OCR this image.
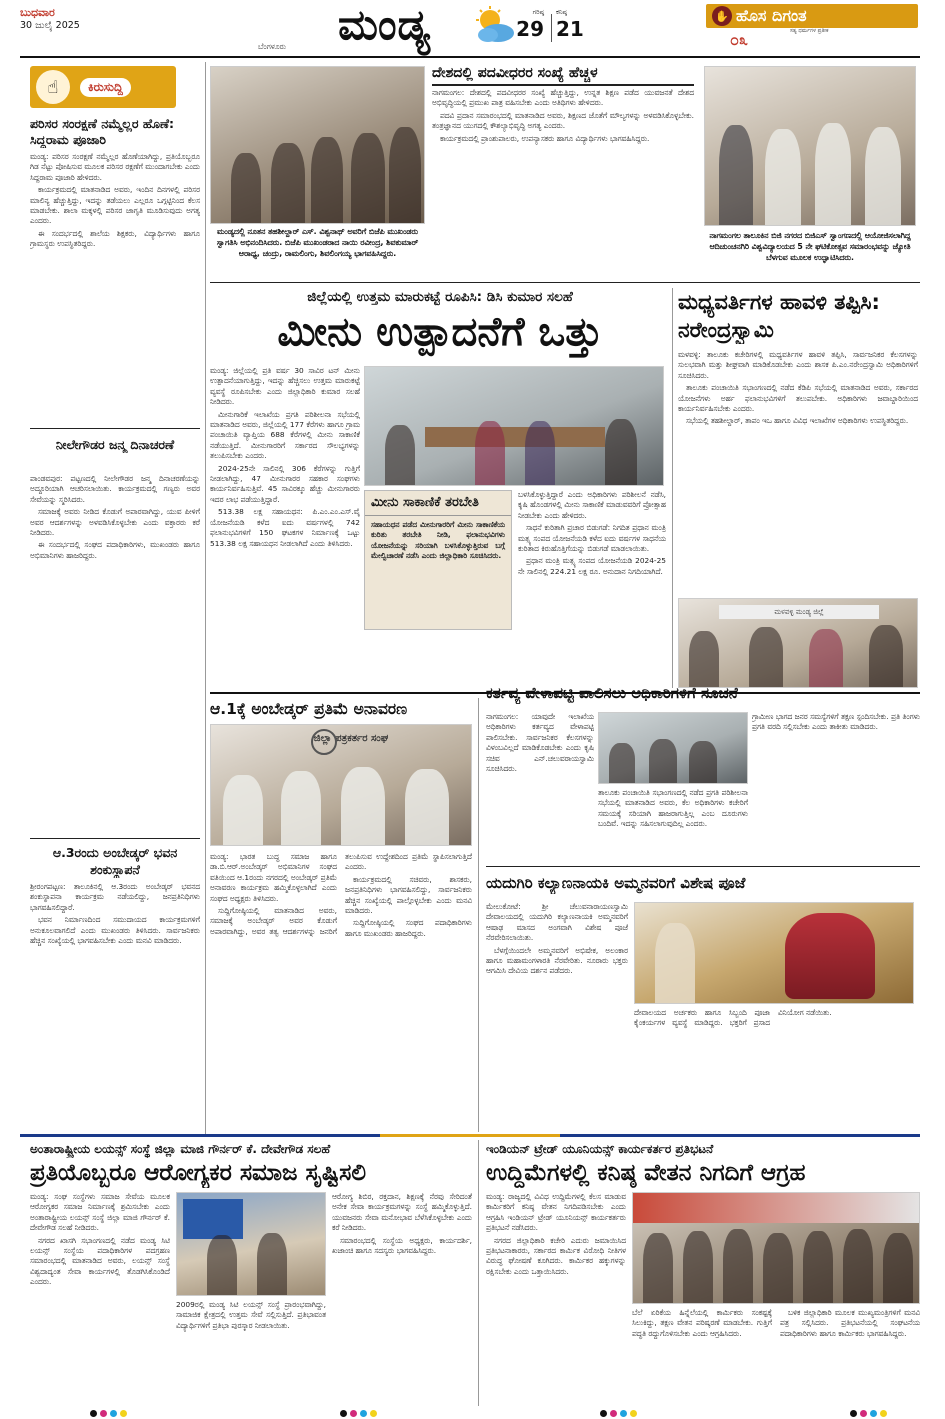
ಬುಧವಾರ
30 ಜುಲೈ 2025
ಬೆಂಗಳೂರು ಮಂಡ್ಯ	ಗರಿಷ್ಠ
29
ಕನಿಷ್ಠ
21
✋ ಹೊಸ ದಿಗಂತ
೦೩	ಸತ್ಯ ಧರ್ಮಗಳ ಪ್ರತೀಕ
☝	ಕಿರುಸುದ್ದಿ
ಪರಿಸರ ಸಂರಕ್ಷಣೆ ನಮ್ಮೆಲ್ಲರ ಹೊಣೆ: ಸಿದ್ದರಾಮ ಪೂಜಾರಿ

ಮಂಡ್ಯ: ಪರಿಸರ ಸಂರಕ್ಷಣೆ ನಮ್ಮೆಲ್ಲರ ಹೊಣೆಯಾಗಿದ್ದು, ಪ್ರತಿಯೊಬ್ಬರೂ ಗಿಡ ನೆಟ್ಟು ಪೋಷಿಸುವ ಮೂಲಕ ಪರಿಸರ ರಕ್ಷಣೆಗೆ ಮುಂದಾಗಬೇಕು ಎಂದು ಸಿದ್ದರಾಮ ಪೂಜಾರಿ ಹೇಳಿದರು.

ಕಾರ್ಯಕ್ರಮದಲ್ಲಿ ಮಾತನಾಡಿದ ಅವರು, ಇಂದಿನ ದಿನಗಳಲ್ಲಿ ಪರಿಸರ ಮಾಲಿನ್ಯ ಹೆಚ್ಚುತ್ತಿದ್ದು, ಇದನ್ನು ತಡೆಯಲು ಎಲ್ಲರೂ ಒಗ್ಗಟ್ಟಿನಿಂದ ಕೆಲಸ ಮಾಡಬೇಕು. ಶಾಲಾ ಮಕ್ಕಳಲ್ಲಿ ಪರಿಸರ ಜಾಗೃತಿ ಮೂಡಿಸುವುದು ಅಗತ್ಯ ಎಂದರು.

ಈ ಸಂದರ್ಭದಲ್ಲಿ ಶಾಲೆಯ ಶಿಕ್ಷಕರು, ವಿದ್ಯಾರ್ಥಿಗಳು ಹಾಗೂ ಗ್ರಾಮಸ್ಥರು ಉಪಸ್ಥಿತರಿದ್ದರು.

ನೀಲೇಗೌಡರ ಜನ್ಮ ದಿನಾಚರಣೆ

ಪಾಂಡವಪುರ: ಪಟ್ಟಣದಲ್ಲಿ ನೀಲೇಗೌಡರ ಜನ್ಮ ದಿನಾಚರಣೆಯನ್ನು ಅದ್ದೂರಿಯಾಗಿ ಆಚರಿಸಲಾಯಿತು. ಕಾರ್ಯಕ್ರಮದಲ್ಲಿ ಗಣ್ಯರು ಅವರ ಸೇವೆಯನ್ನು ಸ್ಮರಿಸಿದರು.

ಸಮಾಜಕ್ಕೆ ಅವರು ನೀಡಿದ ಕೊಡುಗೆ ಅಪಾರವಾಗಿದ್ದು, ಯುವ ಪೀಳಿಗೆ ಅವರ ಆದರ್ಶಗಳನ್ನು ಅಳವಡಿಸಿಕೊಳ್ಳಬೇಕು ಎಂದು ವಕ್ತಾರರು ಕರೆ ನೀಡಿದರು.

ಈ ಸಂದರ್ಭದಲ್ಲಿ ಸಂಘದ ಪದಾಧಿಕಾರಿಗಳು, ಮುಖಂಡರು ಹಾಗೂ ಅಭಿಮಾನಿಗಳು ಹಾಜರಿದ್ದರು.

ಆ.3ರಂದು ಅಂಬೇಡ್ಕರ್ ಭವನ ಶಂಕುಸ್ಥಾಪನೆ

ಶ್ರೀರಂಗಪಟ್ಟಣ: ತಾಲೂಕಿನಲ್ಲಿ ಆ.3ರಂದು ಅಂಬೇಡ್ಕರ್ ಭವನದ ಶಂಕುಸ್ಥಾಪನಾ ಕಾರ್ಯಕ್ರಮ ನಡೆಯಲಿದ್ದು, ಜನಪ್ರತಿನಿಧಿಗಳು ಭಾಗವಹಿಸಲಿದ್ದಾರೆ.

ಭವನ ನಿರ್ಮಾಣದಿಂದ ಸಮುದಾಯದ ಕಾರ್ಯಕ್ರಮಗಳಿಗೆ ಅನುಕೂಲವಾಗಲಿದೆ ಎಂದು ಮುಖಂಡರು ತಿಳಿಸಿದರು. ಸಾರ್ವಜನಿಕರು ಹೆಚ್ಚಿನ ಸಂಖ್ಯೆಯಲ್ಲಿ ಭಾಗವಹಿಸಬೇಕು ಎಂದು ಮನವಿ ಮಾಡಿದರು.

ಮಂಡ್ಯದಲ್ಲಿ ನೂತನ ತಹಶೀಲ್ದಾರ್ ಎಸ್. ವಿಶ್ವನಾಥ್ ಅವರಿಗೆ ಬಿಜೆಪಿ ಮುಖಂಡರು ಸ್ವಾಗತಿಸಿ ಅಭಿನಂದಿಸಿದರು. ಬಿಜೆಪಿ ಮುಖಂಡರಾದ ನಾಯಿ ರವೀಂದ್ರ, ಶಿವಕುಮಾರ್ ಆರಾಧ್ಯ, ಚಂದ್ರು, ರಾಮಲಿಂಗು, ಶಿವಲಿಂಗಯ್ಯ ಭಾಗವಹಿಸಿದ್ದರು.
ದೇಶದಲ್ಲಿ ಪದವೀಧರರ ಸಂಖ್ಯೆ ಹೆಚ್ಚಳ

ನಾಗಮಂಗಲ: ದೇಶದಲ್ಲಿ ಪದವೀಧರರ ಸಂಖ್ಯೆ ಹೆಚ್ಚುತ್ತಿದ್ದು, ಉನ್ನತ ಶಿಕ್ಷಣ ಪಡೆದ ಯುವಜನತೆ ದೇಶದ ಅಭಿವೃದ್ಧಿಯಲ್ಲಿ ಪ್ರಮುಖ ಪಾತ್ರ ವಹಿಸಬೇಕು ಎಂದು ಅತಿಥಿಗಳು ಹೇಳಿದರು.

ಪದವಿ ಪ್ರದಾನ ಸಮಾರಂಭದಲ್ಲಿ ಮಾತನಾಡಿದ ಅವರು, ಶಿಕ್ಷಣದ ಜೊತೆಗೆ ಮೌಲ್ಯಗಳನ್ನು ಅಳವಡಿಸಿಕೊಳ್ಳಬೇಕು. ತಂತ್ರಜ್ಞಾನದ ಯುಗದಲ್ಲಿ ಕೌಶಲ್ಯಾಭಿವೃದ್ಧಿ ಅಗತ್ಯ ಎಂದರು.

ಕಾರ್ಯಕ್ರಮದಲ್ಲಿ ಪ್ರಾಂಶುಪಾಲರು, ಉಪನ್ಯಾಸಕರು ಹಾಗೂ ವಿದ್ಯಾರ್ಥಿಗಳು ಭಾಗವಹಿಸಿದ್ದರು.

ನಾಗಮಂಗಲ ತಾಲೂಕಿನ ಬಿಜಿ ನಗರದ ಬಿಜಿಎಸ್ ಸ್ವಾಂಗಣದಲ್ಲಿ ಆಯೋಜಿಸಲಾಗಿದ್ದ ಆದಿಚುಂಚನಗಿರಿ ವಿಶ್ವವಿದ್ಯಾಲಯದ 5 ನೇ ಘಟಿಕೋತ್ಸವ ಸಮಾರಂಭವನ್ನು ಜ್ಯೋತಿ ಬೆಳಗುವ ಮೂಲಕ ಉದ್ಘಾಟಿಸಿದರು.
ಜಿಲ್ಲೆಯಲ್ಲಿ ಉತ್ತಮ ಮಾರುಕಟ್ಟೆ ರೂಪಿಸಿ: ಡಿಸಿ ಕುಮಾರ ಸಲಹೆ
ಮೀನು ಉತ್ಪಾದನೆಗೆ ಒತ್ತು

ಮಂಡ್ಯ: ಜಿಲ್ಲೆಯಲ್ಲಿ ಪ್ರತಿ ವರ್ಷ 30 ಸಾವಿರ ಟನ್ ಮೀನು ಉತ್ಪಾದನೆಯಾಗುತ್ತಿದ್ದು, ಇದನ್ನು ಹೆಚ್ಚಿಸಲು ಉತ್ತಮ ಮಾರುಕಟ್ಟೆ ವ್ಯವಸ್ಥೆ ರೂಪಿಸಬೇಕು ಎಂದು ಜಿಲ್ಲಾಧಿಕಾರಿ ಕುಮಾರ ಸಲಹೆ ನೀಡಿದರು.

ಮೀನುಗಾರಿಕೆ ಇಲಾಖೆಯ ಪ್ರಗತಿ ಪರಿಶೀಲನಾ ಸಭೆಯಲ್ಲಿ ಮಾತನಾಡಿದ ಅವರು, ಜಿಲ್ಲೆಯಲ್ಲಿ 177 ಕೆರೆಗಳು ಹಾಗೂ ಗ್ರಾಮ ಪಂಚಾಯಿತಿ ವ್ಯಾಪ್ತಿಯ 688 ಕೆರೆಗಳಲ್ಲಿ ಮೀನು ಸಾಕಾಣಿಕೆ ನಡೆಯುತ್ತಿದೆ. ಮೀನುಗಾರರಿಗೆ ಸರ್ಕಾರದ ಸೌಲಭ್ಯಗಳನ್ನು ತಲುಪಿಸಬೇಕು ಎಂದರು.

2024-25ನೇ ಸಾಲಿನಲ್ಲಿ 306 ಕೆರೆಗಳನ್ನು ಗುತ್ತಿಗೆ ನೀಡಲಾಗಿದ್ದು, 47 ಮೀನುಗಾರರ ಸಹಕಾರ ಸಂಘಗಳು ಕಾರ್ಯನಿರ್ವಹಿಸುತ್ತಿವೆ. 45 ಸಾವಿರಕ್ಕೂ ಹೆಚ್ಚು ಮೀನುಗಾರರು ಇದರ ಲಾಭ ಪಡೆಯುತ್ತಿದ್ದಾರೆ.

513.38 ಲಕ್ಷ ಸಹಾಯಧನ: ಪಿ.ಎಂ.ಎಂ.ಎಸ್.ವೈ ಯೋಜನೆಯಡಿ ಕಳೆದ ಐದು ವರ್ಷಗಳಲ್ಲಿ 742 ಫಲಾನುಭವಿಗಳಿಗೆ 150 ಘಟಕಗಳ ನಿರ್ಮಾಣಕ್ಕೆ ಒಟ್ಟು 513.38 ಲಕ್ಷ ಸಹಾಯಧನ ನೀಡಲಾಗಿದೆ ಎಂದು ತಿಳಿಸಿದರು.

ಮೀನು ಸಾಕಾಣಿಕೆ ತರಬೇತಿ
ಸಹಾಯಧನ ಪಡೆದ ಮೀನುಗಾರರಿಗೆ ಮೀನು ಸಾಕಾಣಿಕೆಯ ಕುರಿತು ತರಬೇತಿ ನೀಡಿ, ಫಲಾನುಭವಿಗಳು ಯೋಜನೆಯನ್ನು ಸರಿಯಾಗಿ ಬಳಸಿಕೊಳ್ಳುತ್ತಿರುವ ಬಗ್ಗೆ ಮೇಲ್ವಿಚಾರಣೆ ನಡೆಸಿ ಎಂದು ಜಿಲ್ಲಾಧಿಕಾರಿ ಸೂಚಿಸಿದರು.

ಬಳಸಿಕೊಳ್ಳುತ್ತಿದ್ದಾರೆ ಎಂದು ಅಧಿಕಾರಿಗಳು ಪರಿಶೀಲನೆ ನಡೆಸಿ, ಕೃಷಿ ಹೊಂಡಗಳಲ್ಲಿ ಮೀನು ಸಾಕಾಣಿಕೆ ಮಾಡುವವರಿಗೆ ಪ್ರೋತ್ಸಾಹ ನೀಡಬೇಕು ಎಂದು ಹೇಳಿದರು.

ಸಾಧನೆ ಕುರಿತಾಗಿ ಪ್ರಚಾರ ಬಿಡುಗಡೆ: ನಿಗದಿತ ಪ್ರಧಾನ ಮಂತ್ರಿ ಮತ್ಸ್ಯ ಸಂಪದ ಯೋಜನೆಯಡಿ ಕಳೆದ ಐದು ವರ್ಷಗಳ ಸಾಧನೆಯ ಕುರಿತಾದ ಕಿರುಹೊತ್ತಿಗೆಯನ್ನು ಬಿಡುಗಡೆ ಮಾಡಲಾಯಿತು.

ಪ್ರಧಾನ ಮಂತ್ರಿ ಮತ್ಸ್ಯ ಸಂಪದ ಯೋಜನೆಯಡಿ 2024-25 ನೇ ಸಾಲಿನಲ್ಲಿ 224.21 ಲಕ್ಷ ರೂ. ಅನುದಾನ ನಿಗದಿಯಾಗಿದೆ.

ಮಧ್ಯವರ್ತಿಗಳ ಹಾವಳಿ ತಪ್ಪಿಸಿ: ನರೇಂದ್ರಸ್ವಾಮಿ

ಮಳವಳ್ಳಿ: ತಾಲೂಕು ಕಚೇರಿಗಳಲ್ಲಿ ಮಧ್ಯವರ್ತಿಗಳ ಹಾವಳಿ ತಪ್ಪಿಸಿ, ಸಾರ್ವಜನಿಕರ ಕೆಲಸಗಳನ್ನು ಸುಲಭವಾಗಿ ಮತ್ತು ಶೀಘ್ರವಾಗಿ ಮಾಡಿಕೊಡಬೇಕು ಎಂದು ಶಾಸಕ ಪಿ.ಎಂ.ನರೇಂದ್ರಸ್ವಾಮಿ ಅಧಿಕಾರಿಗಳಿಗೆ ಸೂಚಿಸಿದರು.

ತಾಲೂಕು ಪಂಚಾಯಿತಿ ಸಭಾಂಗಣದಲ್ಲಿ ನಡೆದ ಕೆಡಿಪಿ ಸಭೆಯಲ್ಲಿ ಮಾತನಾಡಿದ ಅವರು, ಸರ್ಕಾರದ ಯೋಜನೆಗಳು ಅರ್ಹ ಫಲಾನುಭವಿಗಳಿಗೆ ತಲುಪಬೇಕು. ಅಧಿಕಾರಿಗಳು ಜವಾಬ್ದಾರಿಯಿಂದ ಕಾರ್ಯನಿರ್ವಹಿಸಬೇಕು ಎಂದರು.

ಸಭೆಯಲ್ಲಿ ತಹಶೀಲ್ದಾರ್, ತಾಪಂ ಇಒ ಹಾಗೂ ವಿವಿಧ ಇಲಾಖೆಗಳ ಅಧಿಕಾರಿಗಳು ಉಪಸ್ಥಿತರಿದ್ದರು.

ಮಳವಳ್ಳಿ ಮಂಡ್ಯ ಜಿಲ್ಲೆ
ಆ.1ಕ್ಕೆ ಅಂಬೇಡ್ಕರ್ ಪ್ರತಿಮೆ ಅನಾವರಣ
ಜಿಲ್ಲಾ ಪತ್ರಕರ್ತರ ಸಂಘ

ಮಂಡ್ಯ: ಭಾರತ ಬುದ್ಧ ಸಮಾಜ ಹಾಗೂ ಡಾ.ಬಿ.ಆರ್.ಅಂಬೇಡ್ಕರ್ ಅಭಿಮಾನಿಗಳ ಸಂಘದ ವತಿಯಿಂದ ಆ.1ರಂದು ನಗರದಲ್ಲಿ ಅಂಬೇಡ್ಕರ್ ಪ್ರತಿಮೆ ಅನಾವರಣ ಕಾರ್ಯಕ್ರಮ ಹಮ್ಮಿಕೊಳ್ಳಲಾಗಿದೆ ಎಂದು ಸಂಘದ ಅಧ್ಯಕ್ಷರು ತಿಳಿಸಿದರು.

ಸುದ್ದಿಗೋಷ್ಠಿಯಲ್ಲಿ ಮಾತನಾಡಿದ ಅವರು, ಸಮಾಜಕ್ಕೆ ಅಂಬೇಡ್ಕರ್ ಅವರ ಕೊಡುಗೆ ಅಪಾರವಾಗಿದ್ದು, ಅವರ ತತ್ವ ಆದರ್ಶಗಳನ್ನು ಜನರಿಗೆ ತಲುಪಿಸುವ ಉದ್ದೇಶದಿಂದ ಪ್ರತಿಮೆ ಸ್ಥಾಪಿಸಲಾಗುತ್ತಿದೆ ಎಂದರು.

ಕಾರ್ಯಕ್ರಮದಲ್ಲಿ ಸಚಿವರು, ಶಾಸಕರು, ಜನಪ್ರತಿನಿಧಿಗಳು ಭಾಗವಹಿಸಲಿದ್ದು, ಸಾರ್ವಜನಿಕರು ಹೆಚ್ಚಿನ ಸಂಖ್ಯೆಯಲ್ಲಿ ಪಾಲ್ಗೊಳ್ಳಬೇಕು ಎಂದು ಮನವಿ ಮಾಡಿದರು.

ಸುದ್ದಿಗೋಷ್ಠಿಯಲ್ಲಿ ಸಂಘದ ಪದಾಧಿಕಾರಿಗಳು ಹಾಗೂ ಮುಖಂಡರು ಹಾಜರಿದ್ದರು.

ಕರ್ತವ್ಯ ವೇಳಾಪಟ್ಟಿ ಪಾಲಿಸಲು ಅಧಿಕಾರಿಗಳಿಗೆ ಸೂಚನೆ

ನಾಗಮಂಗಲ: ಯಾವುದೇ ಇಲಾಖೆಯ ಅಧಿಕಾರಿಗಳು ಕರ್ತವ್ಯದ ವೇಳಾಪಟ್ಟಿ ಪಾಲಿಸಬೇಕು. ಸಾರ್ವಜನಿಕರ ಕೆಲಸಗಳನ್ನು ವಿಳಂಬವಿಲ್ಲದೆ ಮಾಡಿಕೊಡಬೇಕು ಎಂದು ಕೃಷಿ ಸಚಿವ ಎನ್.ಚಲುವರಾಯಸ್ವಾಮಿ ಸೂಚಿಸಿದರು.

ತಾಲೂಕು ಪಂಚಾಯಿತಿ ಸಭಾಂಗಣದಲ್ಲಿ ನಡೆದ ಪ್ರಗತಿ ಪರಿಶೀಲನಾ ಸಭೆಯಲ್ಲಿ ಮಾತನಾಡಿದ ಅವರು, ಕೆಲ ಅಧಿಕಾರಿಗಳು ಕಚೇರಿಗೆ ಸಮಯಕ್ಕೆ ಸರಿಯಾಗಿ ಹಾಜರಾಗುತ್ತಿಲ್ಲ ಎಂಬ ದೂರುಗಳು ಬಂದಿವೆ. ಇದನ್ನು ಸಹಿಸಲಾಗುವುದಿಲ್ಲ ಎಂದರು.

ಗ್ರಾಮೀಣ ಭಾಗದ ಜನರ ಸಮಸ್ಯೆಗಳಿಗೆ ತಕ್ಷಣ ಸ್ಪಂದಿಸಬೇಕು. ಪ್ರತಿ ತಿಂಗಳು ಪ್ರಗತಿ ವರದಿ ಸಲ್ಲಿಸಬೇಕು ಎಂದು ತಾಕೀತು ಮಾಡಿದರು.

ಯದುಗಿರಿ ಕಲ್ಯಾಣನಾಯಕಿ ಅಮ್ಮನವರಿಗೆ ವಿಶೇಷ ಪೂಜೆ

ಮೇಲುಕೋಟೆ: ಶ್ರೀ ಚೆಲುವನಾರಾಯಣಸ್ವಾಮಿ ದೇವಾಲಯದಲ್ಲಿ ಯದುಗಿರಿ ಕಲ್ಯಾಣನಾಯಕಿ ಅಮ್ಮನವರಿಗೆ ಆಷಾಢ ಮಾಸದ ಅಂಗವಾಗಿ ವಿಶೇಷ ಪೂಜೆ ನೆರವೇರಿಸಲಾಯಿತು.

ಬೆಳಗ್ಗೆಯಿಂದಲೇ ಅಮ್ಮನವರಿಗೆ ಅಭಿಷೇಕ, ಅಲಂಕಾರ ಹಾಗೂ ಮಹಾಮಂಗಳಾರತಿ ನೆರವೇರಿತು. ನೂರಾರು ಭಕ್ತರು ಆಗಮಿಸಿ ದೇವಿಯ ದರ್ಶನ ಪಡೆದರು.

ದೇವಾಲಯದ ಅರ್ಚಕರು ಹಾಗೂ ಸಿಬ್ಬಂದಿ ಪೂಜಾ ಕೈಂಕರ್ಯಗಳ ವ್ಯವಸ್ಥೆ ಮಾಡಿದ್ದರು. ಭಕ್ತರಿಗೆ ಪ್ರಸಾದ ವಿನಿಯೋಗ ನಡೆಯಿತು.

ಅಂತಾರಾಷ್ಟ್ರೀಯ ಲಯನ್ಸ್ ಸಂಸ್ಥೆ ಜಿಲ್ಲಾ ಮಾಜಿ ಗೌರ್ನರ್ ಕೆ. ದೇವೇಗೌಡ ಸಲಹೆ
ಪ್ರತಿಯೊಬ್ಬರೂ ಆರೋಗ್ಯಕರ ಸಮಾಜ ಸೃಷ್ಟಿಸಲಿ

ಮಂಡ್ಯ: ಸಂಘ ಸಂಸ್ಥೆಗಳು ಸಮಾಜ ಸೇವೆಯ ಮೂಲಕ ಆರೋಗ್ಯಕರ ಸಮಾಜ ನಿರ್ಮಾಣಕ್ಕೆ ಶ್ರಮಿಸಬೇಕು ಎಂದು ಅಂತಾರಾಷ್ಟ್ರೀಯ ಲಯನ್ಸ್ ಸಂಸ್ಥೆ ಜಿಲ್ಲಾ ಮಾಜಿ ಗೌರ್ನರ್ ಕೆ. ದೇವೇಗೌಡ ಸಲಹೆ ನೀಡಿದರು.

ನಗರದ ಖಾಸಗಿ ಸಭಾಂಗಣದಲ್ಲಿ ನಡೆದ ಮಂಡ್ಯ ಸಿಟಿ ಲಯನ್ಸ್ ಸಂಸ್ಥೆಯ ಪದಾಧಿಕಾರಿಗಳ ಪದಗ್ರಹಣ ಸಮಾರಂಭದಲ್ಲಿ ಮಾತನಾಡಿದ ಅವರು, ಲಯನ್ಸ್ ಸಂಸ್ಥೆ ವಿಶ್ವದಾದ್ಯಂತ ಸೇವಾ ಕಾರ್ಯಗಳಲ್ಲಿ ತೊಡಗಿಸಿಕೊಂಡಿದೆ ಎಂದರು.

2009ರಲ್ಲಿ ಮಂಡ್ಯ ಸಿಟಿ ಲಯನ್ಸ್ ಸಂಸ್ಥೆ ಪ್ರಾರಂಭವಾಗಿದ್ದು, ಸಾಮಾಜಿಕ ಕ್ಷೇತ್ರದಲ್ಲಿ ಉತ್ತಮ ಸೇವೆ ಸಲ್ಲಿಸುತ್ತಿದೆ. ಪ್ರತಿಭಾವಂತ ವಿದ್ಯಾರ್ಥಿಗಳಿಗೆ ಪ್ರತಿಭಾ ಪುರಸ್ಕಾರ ನೀಡಲಾಯಿತು.

ಆರೋಗ್ಯ ಶಿಬಿರ, ರಕ್ತದಾನ, ಶಿಕ್ಷಣಕ್ಕೆ ನೆರವು ಸೇರಿದಂತೆ ಅನೇಕ ಸೇವಾ ಕಾರ್ಯಕ್ರಮಗಳನ್ನು ಸಂಸ್ಥೆ ಹಮ್ಮಿಕೊಳ್ಳುತ್ತಿದೆ. ಯುವಜನರು ಸೇವಾ ಮನೋಭಾವ ಬೆಳೆಸಿಕೊಳ್ಳಬೇಕು ಎಂದು ಕರೆ ನೀಡಿದರು.

ಸಮಾರಂಭದಲ್ಲಿ ಸಂಸ್ಥೆಯ ಅಧ್ಯಕ್ಷರು, ಕಾರ್ಯದರ್ಶಿ, ಖಜಾಂಚಿ ಹಾಗೂ ಸದಸ್ಯರು ಭಾಗವಹಿಸಿದ್ದರು.

ಇಂಡಿಯನ್ ಟ್ರೇಡ್ ಯೂನಿಯನ್ಸ್ ಕಾರ್ಯಕರ್ತರ ಪ್ರತಿಭಟನೆ
ಉದ್ದಿಮೆಗಳಲ್ಲಿ ಕನಿಷ್ಠ ವೇತನ ನಿಗದಿಗೆ ಆಗ್ರಹ

ಮಂಡ್ಯ: ರಾಜ್ಯದಲ್ಲಿ ವಿವಿಧ ಉದ್ದಿಮೆಗಳಲ್ಲಿ ಕೆಲಸ ಮಾಡುವ ಕಾರ್ಮಿಕರಿಗೆ ಕನಿಷ್ಠ ವೇತನ ನಿಗದಿಪಡಿಸಬೇಕು ಎಂದು ಆಗ್ರಹಿಸಿ ಇಂಡಿಯನ್ ಟ್ರೇಡ್ ಯೂನಿಯನ್ಸ್ ಕಾರ್ಯಕರ್ತರು ಪ್ರತಿಭಟನೆ ನಡೆಸಿದರು.

ನಗರದ ಜಿಲ್ಲಾಧಿಕಾರಿ ಕಚೇರಿ ಎದುರು ಜಮಾಯಿಸಿದ ಪ್ರತಿಭಟನಾಕಾರರು, ಸರ್ಕಾರದ ಕಾರ್ಮಿಕ ವಿರೋಧಿ ನೀತಿಗಳ ವಿರುದ್ಧ ಘೋಷಣೆ ಕೂಗಿದರು. ಕಾರ್ಮಿಕರ ಹಕ್ಕುಗಳನ್ನು ರಕ್ಷಿಸಬೇಕು ಎಂದು ಒತ್ತಾಯಿಸಿದರು.

ಬೆಲೆ ಏರಿಕೆಯ ಹಿನ್ನೆಲೆಯಲ್ಲಿ ಕಾರ್ಮಿಕರು ಸಂಕಷ್ಟಕ್ಕೆ ಸಿಲುಕಿದ್ದು, ತಕ್ಷಣ ವೇತನ ಪರಿಷ್ಕರಣೆ ಮಾಡಬೇಕು. ಗುತ್ತಿಗೆ ಪದ್ಧತಿ ರದ್ದುಗೊಳಿಸಬೇಕು ಎಂದು ಆಗ್ರಹಿಸಿದರು.

ಬಳಿಕ ಜಿಲ್ಲಾಧಿಕಾರಿ ಮೂಲಕ ಮುಖ್ಯಮಂತ್ರಿಗಳಿಗೆ ಮನವಿ ಪತ್ರ ಸಲ್ಲಿಸಿದರು. ಪ್ರತಿಭಟನೆಯಲ್ಲಿ ಸಂಘಟನೆಯ ಪದಾಧಿಕಾರಿಗಳು ಹಾಗೂ ಕಾರ್ಮಿಕರು ಭಾಗವಹಿಸಿದ್ದರು.
